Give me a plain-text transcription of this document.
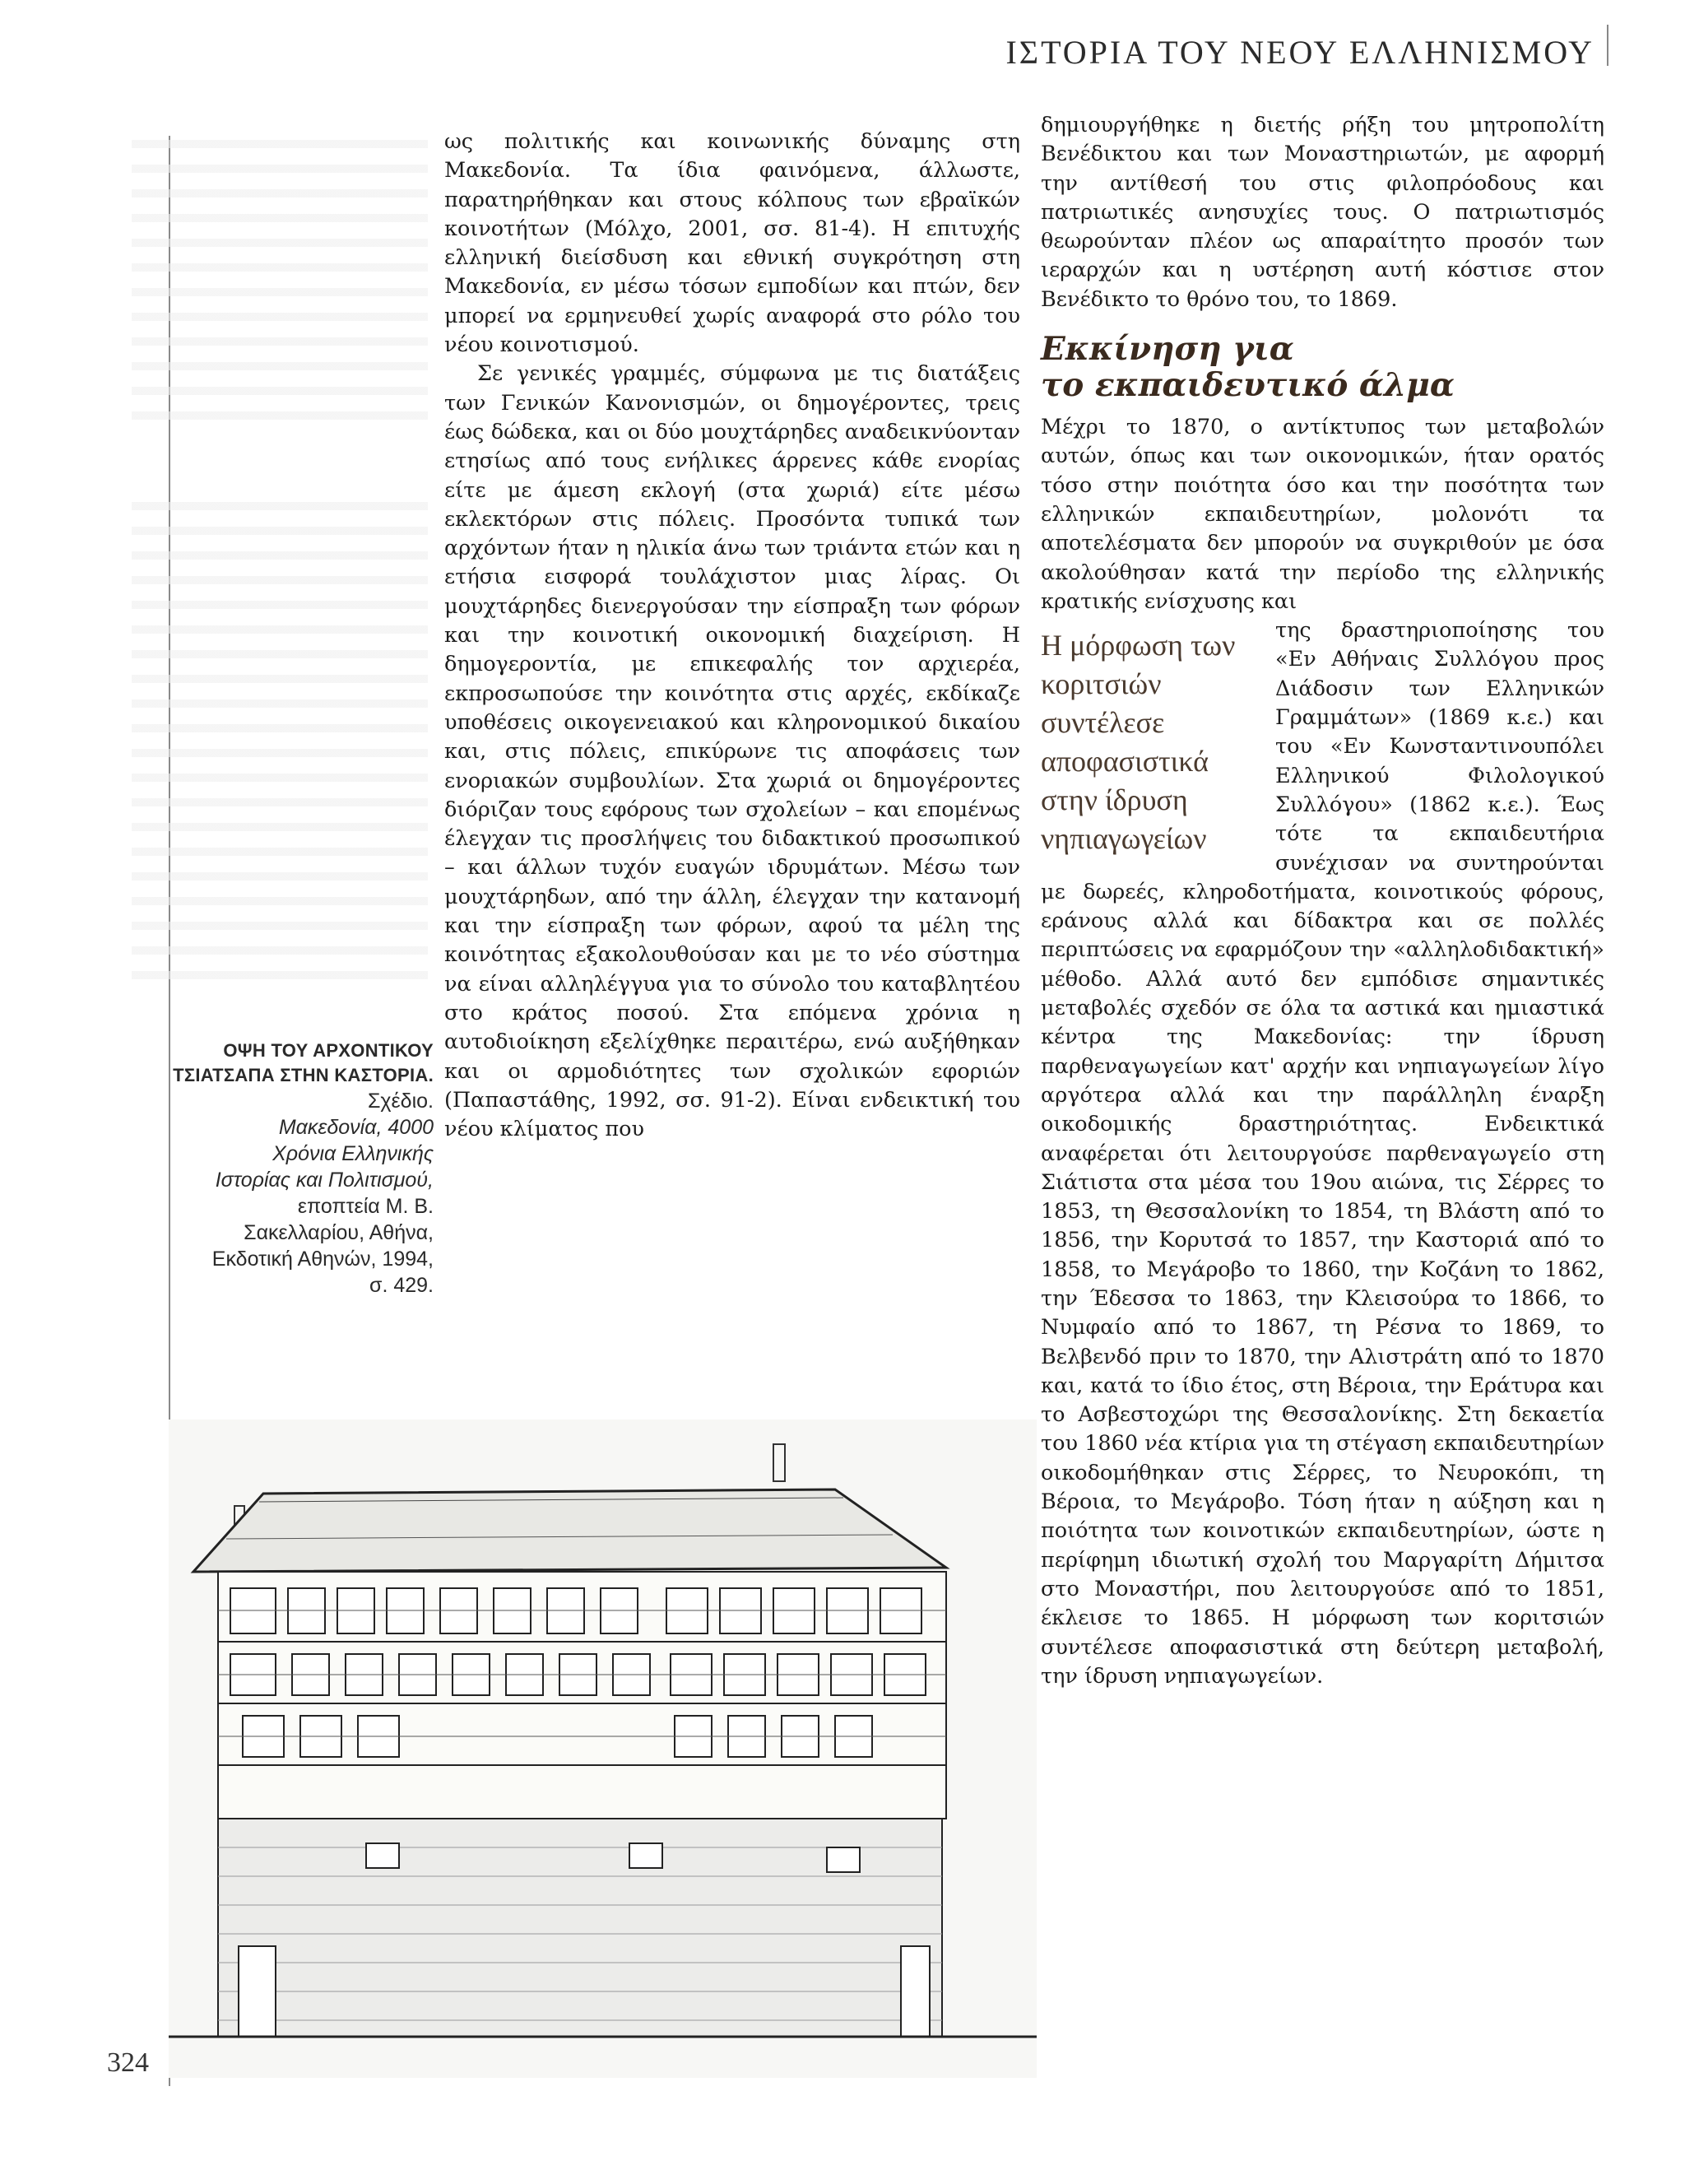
ΙΣΤΟΡΙΑ ΤΟΥ ΝΕΟΥ ΕΛΛΗΝΙΣΜΟΥ
ΟΨΗ ΤΟΥ ΑΡΧΟΝΤΙΚΟΥ
ΤΣΙΑΤΣΑΠΑ ΣΤΗΝ ΚΑΣΤΟΡΙΑ.
Σχέδιο.
Μακεδονία, 4000
Χρόνια Ελληνικής
Ιστορίας και Πολιτισμού,
εποπτεία Μ. Β.
Σακελλαρίου, Αθήνα,
Εκδοτική Αθηνών, 1994,
σ. 429.

ως πολιτικής και κοινωνικής δύναμης στη Μακεδονία. Τα ίδια φαινόμενα, άλλωστε, παρατηρήθηκαν και στους κόλπους των εβραϊκών κοινοτήτων (Μόλχο, 2001, σσ. 81-4). Η επιτυχής ελληνική διείσδυση και εθνική συγκρότηση στη Μακεδονία, εν μέσω τόσων εμποδίων και πτών, δεν μπορεί να ερμηνευθεί χωρίς αναφορά στο ρόλο του νέου κοινοτισμού.

Σε γενικές γραμμές, σύμφωνα με τις διατάξεις των Γενικών Κανονισμών, οι δημογέροντες, τρεις έως δώδεκα, και οι δύο μουχτάρηδες αναδεικνύονταν ετησίως από τους ενήλικες άρρενες κάθε ενορίας είτε με άμεση εκλογή (στα χωριά) είτε μέσω εκλεκτόρων στις πόλεις. Προσόντα τυπικά των αρχόντων ήταν η ηλικία άνω των τριάντα ετών και η ετήσια εισφορά τουλάχιστον μιας λίρας. Οι μουχτάρηδες διενεργούσαν την είσπραξη των φόρων και την κοινοτική οικονομική διαχείριση. Η δημογεροντία, με επικεφαλής τον αρχιερέα, εκπροσωπούσε την κοινότητα στις αρχές, εκδίκαζε υποθέσεις οικογενειακού και κληρονομικού δικαίου και, στις πόλεις, επικύρωνε τις αποφάσεις των ενοριακών συμβουλίων. Στα χωριά οι δημογέροντες διόριζαν τους εφόρους των σχολείων – και επομένως έλεγχαν τις προσλήψεις του διδακτικού προσωπικού – και άλλων τυχόν ευαγών ιδρυμάτων. Μέσω των μουχτάρηδων, από την άλλη, έλεγχαν την κατανομή και την είσπραξη των φόρων, αφού τα μέλη της κοινότητας εξακολουθούσαν και με το νέο σύστημα να είναι αλληλέγγυα για το σύνολο του καταβλητέου στο κράτος ποσού. Στα επόμενα χρόνια η αυτοδιοίκηση εξελίχθηκε περαιτέρω, ενώ αυξήθηκαν και οι αρμοδιότητες των σχολικών εφοριών (Παπαστάθης, 1992, σσ. 91-2). Είναι ενδεικτική του νέου κλίματος που

δημιουργήθηκε η διετής ρήξη του μητροπολίτη Βενέδικτου και των Μοναστηριωτών, με αφορμή την αντίθεσή του στις φιλοπρόοδους και πατριωτικές ανησυχίες τους. Ο πατριωτισμός θεωρούνταν πλέον ως απαραίτητο προσόν των ιεραρχών και η υστέρηση αυτή κόστισε στον Βενέδικτο το θρόνο του, το 1869.

Εκκίνηση για
το εκπαιδευτικό άλμα

Μέχρι το 1870, ο αντίκτυπος των μεταβολών αυτών, όπως και των οικονομικών, ήταν ορατός τόσο στην ποιότητα όσο και την ποσότητα των ελληνικών εκπαιδευτηρίων, μολονότι τα αποτελέσματα δεν μπορούν να συγκριθούν με όσα ακολούθησαν κατά την περίοδο της ελληνικής κρατικής ενίσχυσης και

Η μόρφωση των κοριτσιών συντέλεσε αποφασιστικά στην ίδρυση νηπιαγωγείων

της δραστηριοποίησης του «Εν Αθήναις Συλλόγου προς Διάδοσιν των Ελληνικών Γραμμάτων» (1869 κ.ε.) και του «Εν Κωνσταντινουπόλει Ελληνικού Φιλολογικού Συλλόγου» (1862 κ.ε.). Έως τότε τα εκπαιδευτήρια συνέχισαν να συντηρούνται με δωρεές, κληροδοτήματα, κοινοτικούς φόρους, εράνους αλλά και δίδακτρα και σε πολλές περιπτώσεις να εφαρμόζουν την «αλληλοδιδακτική» μέθοδο. Αλλά αυτό δεν εμπόδισε σημαντικές μεταβολές σχεδόν σε όλα τα αστικά και ημιαστικά κέντρα της Μακεδονίας: την ίδρυση παρθεναγωγείων κατ' αρχήν και νηπιαγωγείων λίγο αργότερα αλλά και την παράλληλη έναρξη οικοδομικής δραστηριότητας. Ενδεικτικά αναφέρεται ότι λειτουργούσε παρθεναγωγείο στη Σιάτιστα στα μέσα του 19ου αιώνα, τις Σέρρες το 1853, τη Θεσσαλονίκη το 1854, τη Βλάστη από το 1856, την Κορυτσά το 1857, την Καστοριά από το 1858, το Μεγάροβο το 1860, την Κοζάνη το 1862, την Έδεσσα το 1863, την Κλεισούρα το 1866, το Νυμφαίο από το 1867, τη Ρέσνα το 1869, το Βελβενδό πριν το 1870, την Αλιστράτη από το 1870 και, κατά το ίδιο έτος, στη Βέροια, την Εράτυρα και το Ασβεστοχώρι της Θεσσαλονίκης. Στη δεκαετία του 1860 νέα κτίρια για τη στέγαση εκπαιδευτηρίων οικοδομήθηκαν στις Σέρρες, το Νευροκόπι, τη Βέροια, το Μεγάροβο. Τόση ήταν η αύξηση και η ποιότητα των κοινοτικών εκπαιδευτηρίων, ώστε η περίφημη ιδιωτική σχολή του Μαργαρίτη Δήμιτσα στο Μοναστήρι, που λειτουργούσε από το 1851, έκλεισε το 1865. Η μόρφωση των κοριτσιών συντέλεσε αποφασιστικά στη δεύτερη μεταβολή, την ίδρυση νηπιαγωγείων.

324
